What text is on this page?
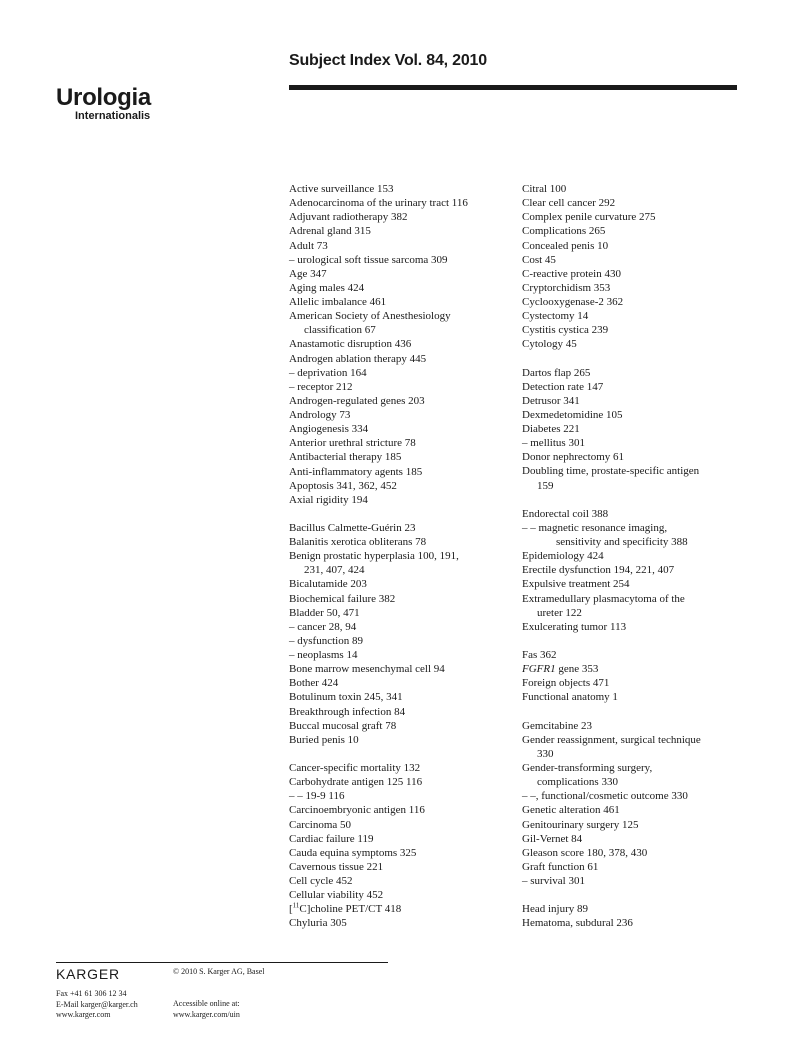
Subject Index Vol. 84, 2010
Urologia
Internationalis
Active surveillance 153
Adenocarcinoma of the urinary tract 116
Adjuvant radiotherapy 382
Adrenal gland 315
Adult 73
– urological soft tissue sarcoma 309
Age 347
Aging males 424
Allelic imbalance 461
American Society of Anesthesiology
classification 67
Anastamotic disruption 436
Androgen ablation therapy 445
– deprivation 164
– receptor 212
Androgen-regulated genes 203
Andrology 73
Angiogenesis 334
Anterior urethral stricture 78
Antibacterial therapy 185
Anti-inflammatory agents 185
Apoptosis 341, 362, 452
Axial rigidity 194
Bacillus Calmette-Guérin 23
Balanitis xerotica obliterans 78
Benign prostatic hyperplasia 100, 191,
231, 407, 424
Bicalutamide 203
Biochemical failure 382
Bladder 50, 471
– cancer 28, 94
– dysfunction 89
– neoplasms 14
Bone marrow mesenchymal cell 94
Bother 424
Botulinum toxin 245, 341
Breakthrough infection 84
Buccal mucosal graft 78
Buried penis 10
Cancer-specific mortality 132
Carbohydrate antigen 125 116
– – 19-9 116
Carcinoembryonic antigen 116
Carcinoma 50
Cardiac failure 119
Cauda equina symptoms 325
Cavernous tissue 221
Cell cycle 452
Cellular viability 452
[$^{11}$C]choline PET/CT 418
Chyluria 305
Citral 100
Clear cell cancer 292
Complex penile curvature 275
Complications 265
Concealed penis 10
Cost 45
C-reactive protein 430
Cryptorchidism 353
Cyclooxygenase-2 362
Cystectomy 14
Cystitis cystica 239
Cytology 45
Dartos flap 265
Detection rate 147
Detrusor 341
Dexmedetomidine 105
Diabetes 221
– mellitus 301
Donor nephrectomy 61
Doubling time, prostate-specific antigen
159
Endorectal coil 388
– – magnetic resonance imaging,
sensitivity and specificity 388
Epidemiology 424
Erectile dysfunction 194, 221, 407
Expulsive treatment 254
Extramedullary plasmacytoma of the
ureter 122
Exulcerating tumor 113
Fas 362
FGFR1 gene 353
Foreign objects 471
Functional anatomy 1
Gemcitabine 23
Gender reassignment, surgical technique
330
Gender-transforming surgery,
complications 330
– –, functional/cosmetic outcome 330
Genetic alteration 461
Genitourinary surgery 125
Gil-Vernet 84
Gleason score 180, 378, 430
Graft function 61
– survival 301
Head injury 89
Hematoma, subdural 236
KARGER	© 2010 S. Karger AG, Basel
Fax +41 61 306 12 34
E-Mail karger@karger.ch
www.karger.com
Accessible online at:
www.karger.com/uin
